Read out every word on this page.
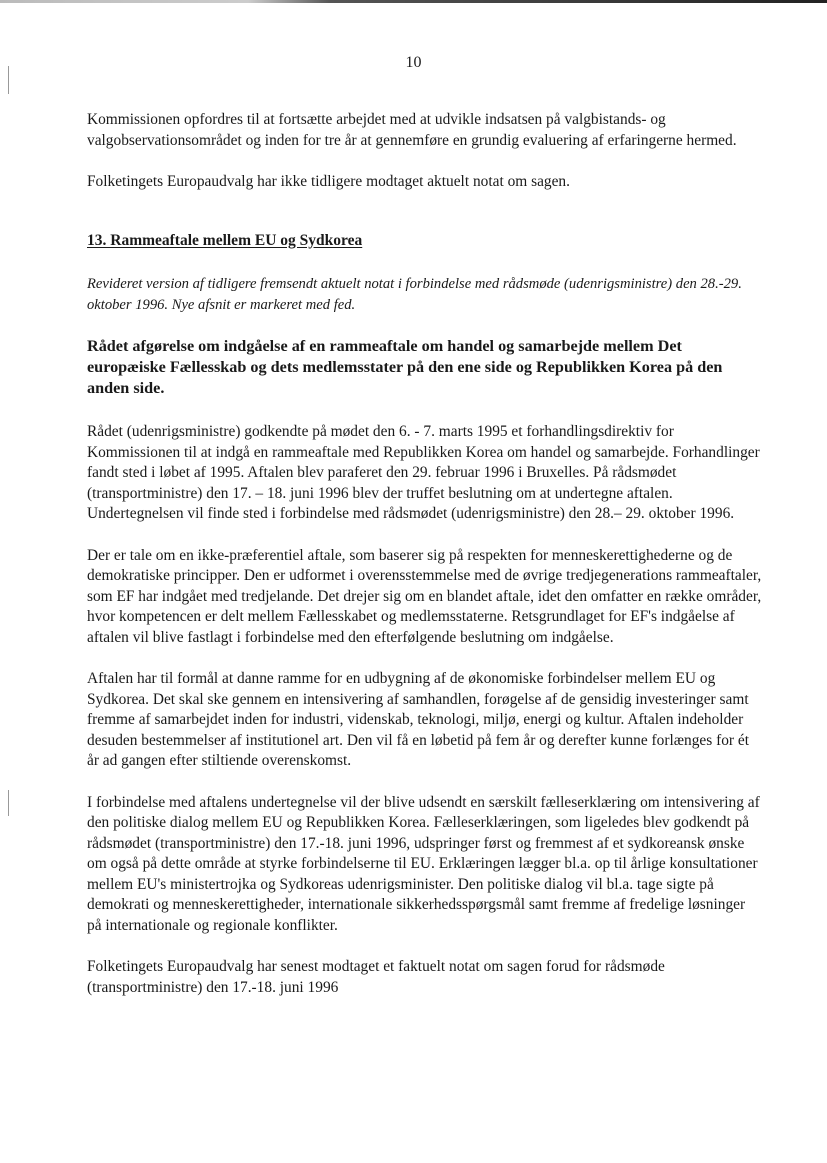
10

Kommissionen opfordres til at fortsætte arbejdet med at udvikle indsatsen på valgbistands- og valgobservationsområdet og inden for tre år at gennemføre en grundig evaluering af erfaringerne hermed.

Folketingets Europaudvalg har ikke tidligere modtaget aktuelt notat om sagen.

13. Rammeaftale mellem EU og Sydkorea

Revideret version af tidligere fremsendt aktuelt notat i forbindelse med rådsmøde (udenrigsministre) den 28.-29. oktober 1996. Nye afsnit er markeret med fed.

Rådet afgørelse om indgåelse af en rammeaftale om handel og samarbejde mellem Det europæiske Fællesskab og dets medlemsstater på den ene side og Republikken Korea på den anden side.

Rådet (udenrigsministre) godkendte på mødet den 6. - 7. marts 1995 et forhandlingsdirektiv for Kommissionen til at indgå en rammeaftale med Republikken Korea om handel og samarbejde. Forhandlinger fandt sted i løbet af 1995. Aftalen blev paraferet den 29. februar 1996 i Bruxelles. På rådsmødet (transportministre) den 17. – 18. juni 1996 blev der truffet beslutning om at undertegne aftalen. Undertegnelsen vil finde sted i forbindelse med rådsmødet (udenrigsministre) den 28.– 29. oktober 1996.

Der er tale om en ikke-præferentiel aftale, som baserer sig på respekten for menneskerettighederne og de demokratiske principper. Den er udformet i overensstemmelse med de øvrige tredjegenerations rammeaftaler, som EF har indgået med tredjelande. Det drejer sig om en blandet aftale, idet den omfatter en række områder, hvor kompetencen er delt mellem Fællesskabet og medlemsstaterne. Retsgrundlaget for EF's indgåelse af aftalen vil blive fastlagt i forbindelse med den efterfølgende beslutning om indgåelse.

Aftalen har til formål at danne ramme for en udbygning af de økonomiske forbindelser mellem EU og Sydkorea. Det skal ske gennem en intensivering af samhandlen, forøgelse af de gensidig investeringer samt fremme af samarbejdet inden for industri, videnskab, teknologi, miljø, energi og kultur. Aftalen indeholder desuden bestemmelser af institutionel art. Den vil få en løbetid på fem år og derefter kunne forlænges for ét år ad gangen efter stiltiende overenskomst.

I forbindelse med aftalens undertegnelse vil der blive udsendt en særskilt fælleserklæring om intensivering af den politiske dialog mellem EU og Republikken Korea. Fælleserklæringen, som ligeledes blev godkendt på rådsmødet (transportministre) den 17.-18. juni 1996, udspringer først og fremmest af et sydkoreansk ønske om også på dette område at styrke forbindelserne til EU. Erklæringen lægger bl.a. op til årlige konsultationer mellem EU's ministertrojka og Sydkoreas udenrigsminister. Den politiske dialog vil bl.a. tage sigte på demokrati og menneskerettigheder, internationale sikkerhedsspørgsmål samt fremme af fredelige løsninger på internationale og regionale konflikter.

Folketingets Europaudvalg har senest modtaget et faktuelt notat om sagen forud for rådsmøde (transportministre) den 17.-18. juni 1996
